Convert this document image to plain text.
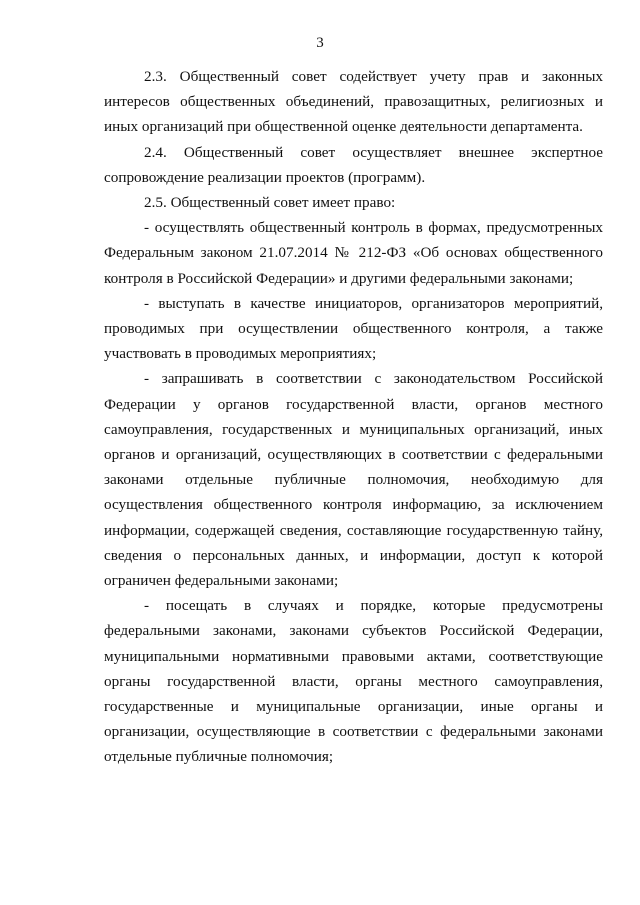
3

2.3. Общественный совет содействует учету прав и законных интересов общественных объединений, правозащитных, религиозных и иных организаций при общественной оценке деятельности департамента.

2.4. Общественный совет осуществляет внешнее экспертное сопровождение реализации проектов (программ).

2.5. Общественный совет имеет право:

- осуществлять общественный контроль в формах, предусмотренных Федеральным законом 21.07.2014 № 212-ФЗ «Об основах общественного контроля в Российской Федерации» и другими федеральными законами;

- выступать в качестве инициаторов, организаторов мероприятий, проводимых при осуществлении общественного контроля, а также участвовать в проводимых мероприятиях;

- запрашивать в соответствии с законодательством Российской Федерации у органов государственной власти, органов местного самоуправления, государственных и муниципальных организаций, иных органов и организаций, осуществляющих в соответствии с федеральными законами отдельные публичные полномочия, необходимую для осуществления общественного контроля информацию, за исключением информации, содержащей сведения, составляющие государственную тайну, сведения о персональных данных, и информации, доступ к которой ограничен федеральными законами;

- посещать в случаях и порядке, которые предусмотрены федеральными законами, законами субъектов Российской Федерации, муниципальными нормативными правовыми актами, соответствующие органы государственной власти, органы местного самоуправления, государственные и муниципальные организации, иные органы и организации, осуществляющие в соответствии с федеральными законами отдельные публичные полномочия;
